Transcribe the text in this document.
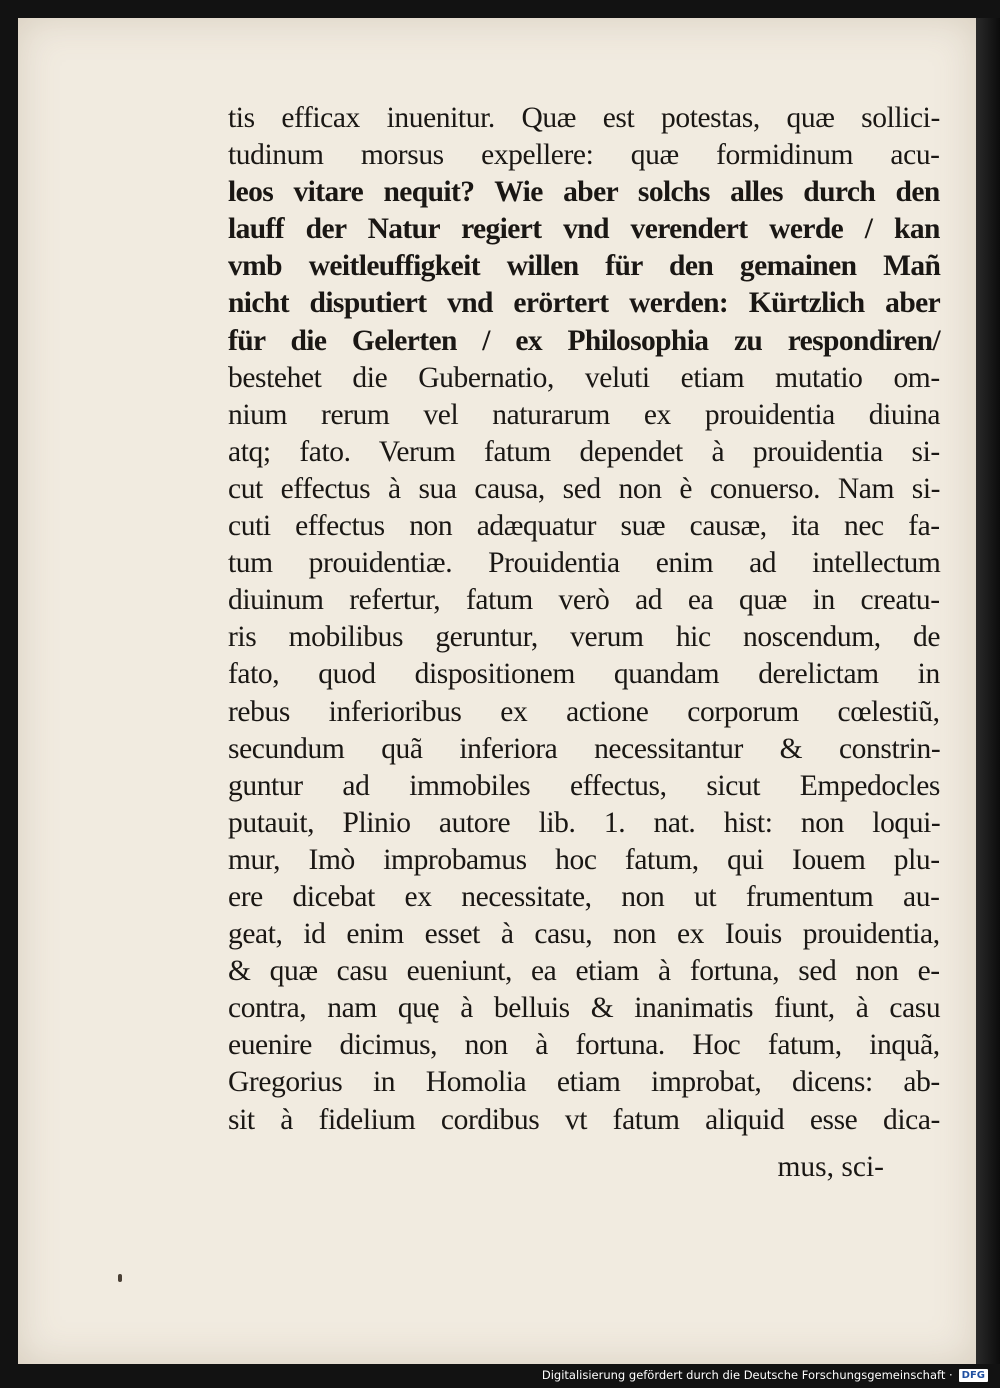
tis efficax inuenitur. Quæ est potestas, quæ sollici-
tudinum morsus expellere: quæ formidinum acu-
leos vitare nequit? Wie aber solchs alles durch den
lauff der Natur regiert vnd verendert werde / kan
vmb weitleuffigkeit willen für den gemainen Mañ
nicht disputiert vnd erörtert werden: Kürtzlich aber
für die Gelerten / ex Philosophia zu respondiren/
bestehet die Gubernatio, veluti etiam mutatio om-
nium rerum vel naturarum ex prouidentia diuina
atq; fato. Verum fatum dependet à prouidentia si-
cut effectus à sua causa, sed non è conuerso. Nam si-
cuti effectus non adæquatur suæ causæ, ita nec fa-
tum prouidentiæ. Prouidentia enim ad intellectum
diuinum refertur, fatum verò ad ea quæ in creatu-
ris mobilibus geruntur, verum hic noscendum, de
fato, quod dispositionem quandam derelictam in
rebus inferioribus ex actione corporum cœlestiũ,
secundum quã inferiora necessitantur & constrin-
guntur ad immobiles effectus, sicut Empedocles
putauit, Plinio autore lib. 1. nat. hist: non loqui-
mur, Imò improbamus hoc fatum, qui Iouem plu-
ere dicebat ex necessitate, non ut frumentum au-
geat, id enim esset à casu, non ex Iouis prouidentia,
& quæ casu eueniunt, ea etiam à fortuna, sed non e-
contra, nam quę à belluis & inanimatis fiunt, à casu
euenire dicimus, non à fortuna. Hoc fatum, inquã,
Gregorius in Homolia etiam improbat, dicens: ab-
sit à fidelium cordibus vt fatum aliquid esse dica-
mus, sci-
Digitalisierung gefördert durch die Deutsche Forschungsgemeinschaft · DFG
